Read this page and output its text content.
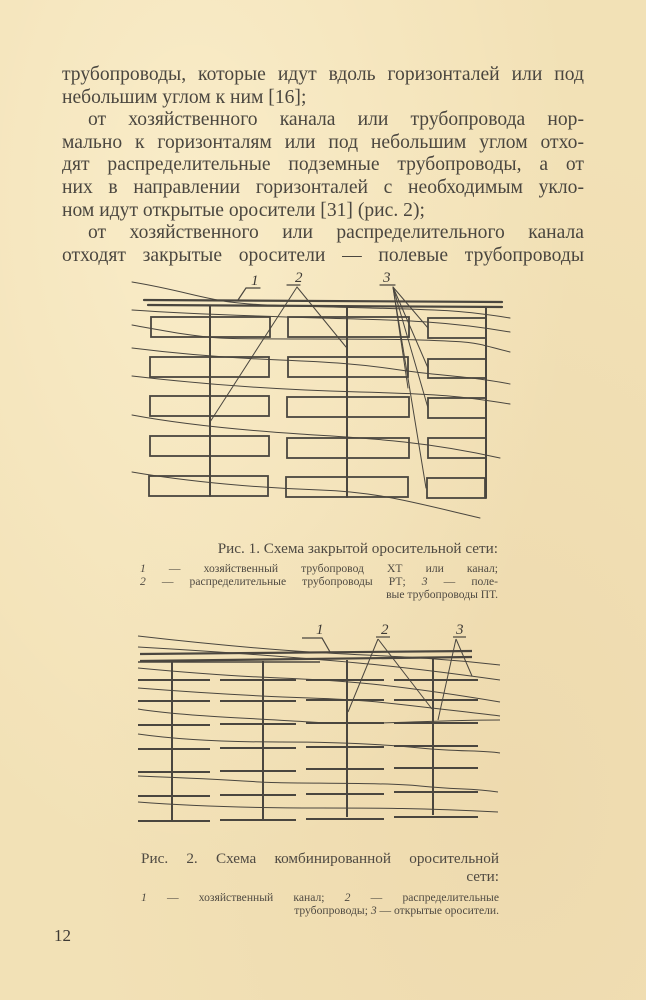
трубопроводы, которые идут вдоль горизонталей или под
небольшим углом к ним [16];
от хозяйственного канала или трубопровода нор-
мально к горизонталям или под небольшим углом отхо-
дят распределительные подземные трубопроводы, а от
них в направлении горизонталей с необходимым укло-
ном идут открытые оросители [31] (рис. 2);
от хозяйственного или распределительного канала
отходят закрытые оросители — полевые трубопроводы
1 2	3
Рис. 1. Схема закрытой оросительной сети:
1 — хозяйственный трубопровод ХТ или канал;
2 — распределительные трубопроводы РТ; 3 — поле-
вые трубопроводы ПТ.
1	2	3
Рис. 2. Схема комбинированной оросительной
сети:
1 — хозяйственный канал; 2 — распределительные
трубопроводы; 3 — открытые оросители.
12
